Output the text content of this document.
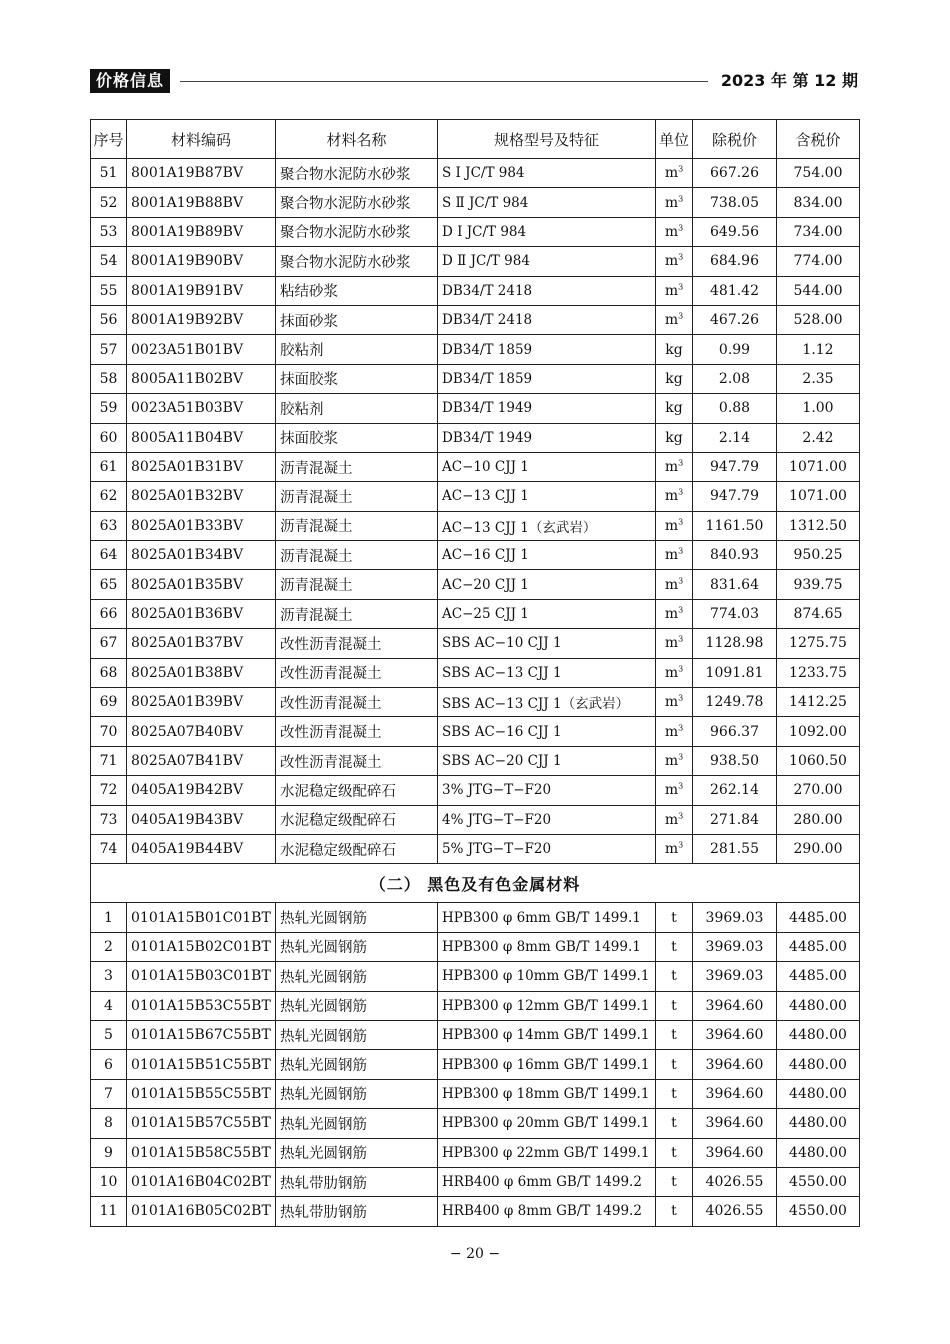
价格信息	2023 年 第 12 期
序号	材料编码	材料名称	规格型号及特征	单位	除税价	含税价
51	8001A19B87BV	聚合物水泥防水砂浆	S Ⅰ JC/T 984	$m^3$	667.26	754.00
52	8001A19B88BV	聚合物水泥防水砂浆	S Ⅱ JC/T 984	$m^3$	738.05	834.00
53	8001A19B89BV	聚合物水泥防水砂浆	D Ⅰ JC/T 984	$m^3$	649.56	734.00
54	8001A19B90BV	聚合物水泥防水砂浆	D Ⅱ JC/T 984	$m^3$	684.96	774.00
55	8001A19B91BV	粘结砂浆	DB34/T 2418	$m^3$	481.42	544.00
56	8001A19B92BV	抹面砂浆	DB34/T 2418	$m^3$	467.26	528.00
57	0023A51B01BV	胶粘剂	DB34/T 1859	kg	0.99	1.12
58	8005A11B02BV	抹面胶浆	DB34/T 1859	kg	2.08	2.35
59	0023A51B03BV	胶粘剂	DB34/T 1949	kg	0.88	1.00
60	8005A11B04BV	抹面胶浆	DB34/T 1949	kg	2.14	2.42
61	8025A01B31BV	沥青混凝土	AC−10 CJJ 1	$m^3$	947.79	1071.00
62	8025A01B32BV	沥青混凝土	AC−13 CJJ 1	$m^3$	947.79	1071.00
63	8025A01B33BV	沥青混凝土	AC−13 CJJ 1（玄武岩）	$m^3$	1161.50	1312.50
64	8025A01B34BV	沥青混凝土	AC−16 CJJ 1	$m^3$	840.93	950.25
65	8025A01B35BV	沥青混凝土	AC−20 CJJ 1	$m^3$	831.64	939.75
66	8025A01B36BV	沥青混凝土	AC−25 CJJ 1	$m^3$	774.03	874.65
67	8025A01B37BV	改性沥青混凝土	SBS AC−10 CJJ 1	$m^3$	1128.98	1275.75
68	8025A01B38BV	改性沥青混凝土	SBS AC−13 CJJ 1	$m^3$	1091.81	1233.75
69	8025A01B39BV	改性沥青混凝土	SBS AC−13 CJJ 1（玄武岩）	$m^3$	1249.78	1412.25
70	8025A07B40BV	改性沥青混凝土	SBS AC−16 CJJ 1	$m^3$	966.37	1092.00
71	8025A07B41BV	改性沥青混凝土	SBS AC−20 CJJ 1	$m^3$	938.50	1060.50
72	0405A19B42BV	水泥稳定级配碎石	3% JTG−T−F20	$m^3$	262.14	270.00
73	0405A19B43BV	水泥稳定级配碎石	4% JTG−T−F20	$m^3$	271.84	280.00
74	0405A19B44BV	水泥稳定级配碎石	5% JTG−T−F20	$m^3$	281.55	290.00
（二） 黑色及有色金属材料						
1	0101A15B01C01BT	热轧光圆钢筋	HPB300 φ 6mm GB/T 1499.1	t	3969.03	4485.00
2	0101A15B02C01BT	热轧光圆钢筋	HPB300 φ 8mm GB/T 1499.1	t	3969.03	4485.00
3	0101A15B03C01BT	热轧光圆钢筋	HPB300 φ 10mm GB/T 1499.1	t	3969.03	4485.00
4	0101A15B53C55BT	热轧光圆钢筋	HPB300 φ 12mm GB/T 1499.1	t	3964.60	4480.00
5	0101A15B67C55BT	热轧光圆钢筋	HPB300 φ 14mm GB/T 1499.1	t	3964.60	4480.00
6	0101A15B51C55BT	热轧光圆钢筋	HPB300 φ 16mm GB/T 1499.1	t	3964.60	4480.00
7	0101A15B55C55BT	热轧光圆钢筋	HPB300 φ 18mm GB/T 1499.1	t	3964.60	4480.00
8	0101A15B57C55BT	热轧光圆钢筋	HPB300 φ 20mm GB/T 1499.1	t	3964.60	4480.00
9	0101A15B58C55BT	热轧光圆钢筋	HPB300 φ 22mm GB/T 1499.1	t	3964.60	4480.00
10	0101A16B04C02BT	热轧带肋钢筋	HRB400 φ 6mm GB/T 1499.2	t	4026.55	4550.00
11	0101A16B05C02BT	热轧带肋钢筋	HRB400 φ 8mm GB/T 1499.2	t	4026.55	4550.00
− 20 −
